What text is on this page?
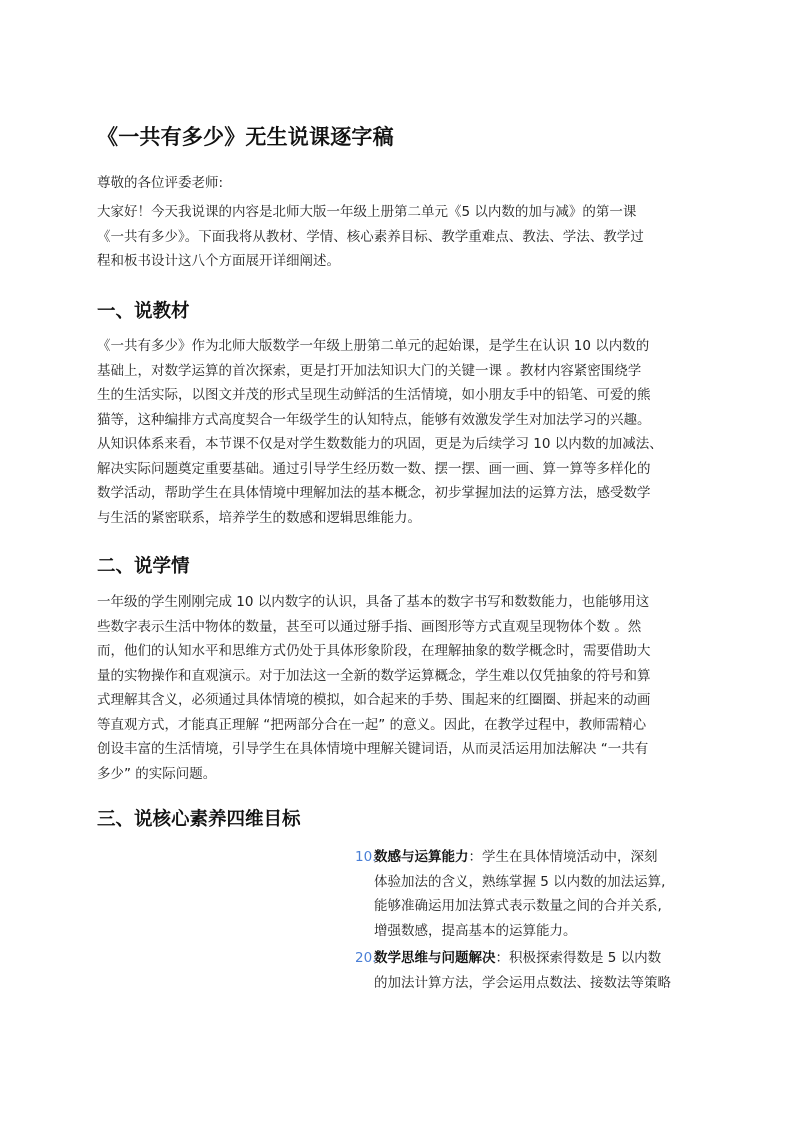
《一共有多少》无生说课逐字稿

尊敬的各位评委老师:

大家好！今天我说课的内容是北师大版一年级上册第二单元《5 以内数的加与减》的第一课

《一共有多少》。下面我将从教材、学情、核心素养目标、教学重难点、教法、学法、教学过

程和板书设计这八个方面展开详细阐述。

一、说教材

《一共有多少》作为北师大版数学一年级上册第二单元的起始课，是学生在认识 10 以内数的

基础上，对数学运算的首次探索，更是打开加法知识大门的关键一课 。教材内容紧密围绕学

生的生活实际，以图文并茂的形式呈现生动鲜活的生活情境，如小朋友手中的铅笔、可爱的熊

猫等，这种编排方式高度契合一年级学生的认知特点，能够有效激发学生对加法学习的兴趣。

从知识体系来看，本节课不仅是对学生数数能力的巩固，更是为后续学习 10 以内数的加减法、

解决实际问题奠定重要基础。通过引导学生经历数一数、摆一摆、画一画、算一算等多样化的

数学活动，帮助学生在具体情境中理解加法的基本概念，初步掌握加法的运算方法，感受数学

与生活的紧密联系，培养学生的数感和逻辑思维能力。

二、说学情

一年级的学生刚刚完成 10 以内数字的认识，具备了基本的数字书写和数数能力，也能够用这

些数字表示生活中物体的数量，甚至可以通过掰手指、画图形等方式直观呈现物体个数 。然

而，他们的认知水平和思维方式仍处于具体形象阶段，在理解抽象的数学概念时，需要借助大

量的实物操作和直观演示。对于加法这一全新的数学运算概念，学生难以仅凭抽象的符号和算

式理解其含义，必须通过具体情境的模拟，如合起来的手势、围起来的红圈圈、拼起来的动画

等直观方式，才能真正理解 “把两部分合在一起” 的意义。因此，在教学过程中，教师需精心

创设丰富的生活情境，引导学生在具体情境中理解关键词语，从而灵活运用加法解决 “一共有

多少” 的实际问题。

三、说核心素养四维目标
10.

数感与运算能力：学生在具体情境活动中，深刻

体验加法的含义，熟练掌握 5 以内数的加法运算,

能够准确运用加法算式表示数量之间的合并关系,

增强数感，提高基本的运算能力。

20.

数学思维与问题解决：积极探索得数是 5 以内数

的加法计算方法，学会运用点数法、接数法等策略
